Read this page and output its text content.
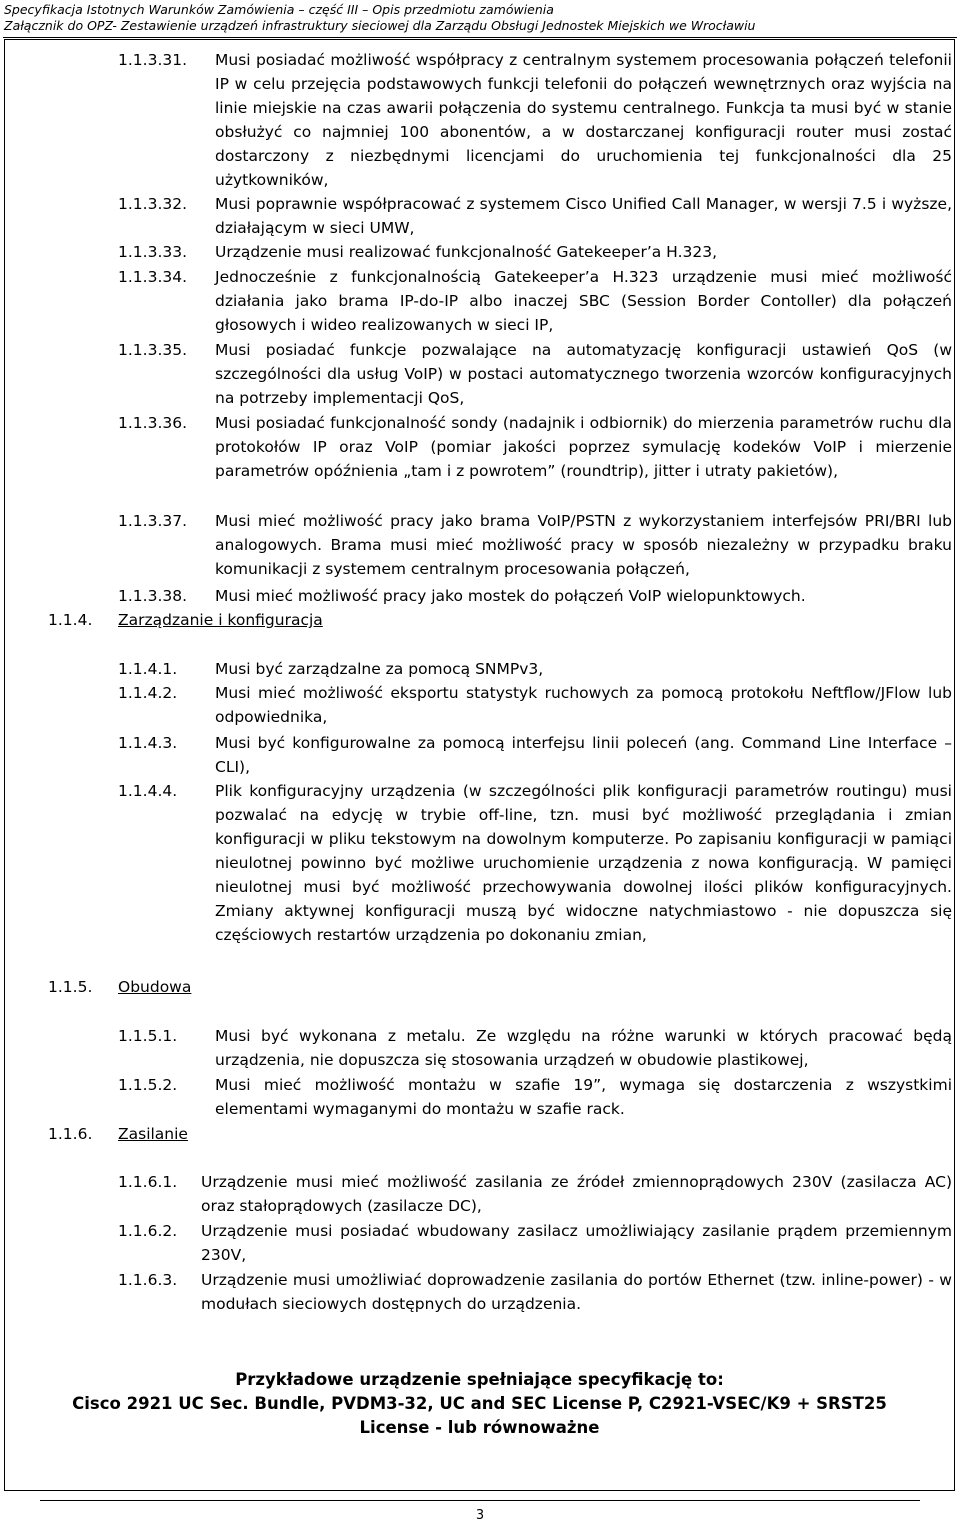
Specyfikacja Istotnych Warunków Zamówienia – część III – Opis przedmiotu zamówienia
Załącznik do OPZ- Zestawienie urządzeń infrastruktury sieciowej dla Zarządu Obsługi Jednostek Miejskich we Wrocławiu
1.1.3.31. Musi posiadać możliwość współpracy z centralnym systemem procesowania połączeń telefonii IP w celu przejęcia podstawowych funkcji telefonii do połączeń wewnętrznych oraz wyjścia na linie miejskie na czas awarii połączenia do systemu centralnego. Funkcja ta musi być w stanie obsłużyć co najmniej 100 abonentów, a w dostarczanej konfiguracji router musi zostać dostarczony z niezbędnymi licencjami do uruchomienia tej funkcjonalności dla 25 użytkowników,
1.1.3.32. Musi poprawnie współpracować z systemem Cisco Unified Call Manager, w wersji 7.5 i wyższe, działającym w sieci UMW,
1.1.3.33. Urządzenie musi realizować funkcjonalność Gatekeeper’a H.323,
1.1.3.34. Jednocześnie z funkcjonalnością Gatekeeper’a H.323 urządzenie musi mieć możliwość działania jako brama IP-do-IP albo inaczej SBC (Session Border Contoller) dla połączeń głosowych i wideo realizowanych w sieci IP,
1.1.3.35. Musi posiadać funkcje pozwalające na automatyzację konfiguracji ustawień QoS (w szczególności dla usług VoIP) w postaci automatycznego tworzenia wzorców konfiguracyjnych na potrzeby implementacji QoS,
1.1.3.36. Musi posiadać funkcjonalność sondy (nadajnik i odbiornik) do mierzenia parametrów ruchu dla protokołów IP oraz VoIP (pomiar jakości poprzez symulację kodeków VoIP i mierzenie parametrów opóźnienia „tam i z powrotem” (roundtrip), jitter i utraty pakietów),
1.1.3.37. Musi mieć możliwość pracy jako brama VoIP/PSTN z wykorzystaniem interfejsów PRI/BRI lub analogowych. Brama musi mieć możliwość pracy w sposób niezależny w przypadku braku komunikacji z systemem centralnym procesowania połączeń,
1.1.3.38. Musi mieć możliwość pracy jako mostek do połączeń VoIP wielopunktowych.
1.1.4. Zarządzanie i konfiguracja
1.1.4.1. Musi być zarządzalne za pomocą SNMPv3,
1.1.4.2. Musi mieć możliwość eksportu statystyk ruchowych za pomocą protokołu Neftflow/JFlow lub odpowiednika,
1.1.4.3. Musi być konfigurowalne za pomocą interfejsu linii poleceń (ang. Command Line Interface – CLI),
1.1.4.4. Plik konfiguracyjny urządzenia (w szczególności plik konfiguracji parametrów routingu) musi pozwalać na edycję w trybie off-line, tzn. musi być możliwość przeglądania i zmian konfiguracji w pliku tekstowym na dowolnym komputerze. Po zapisaniu konfiguracji w pamiąci nieulotnej powinno być możliwe uruchomienie urządzenia z nowa konfiguracją. W pamięci nieulotnej musi być możliwość przechowywania dowolnej ilości plików konfiguracyjnych. Zmiany aktywnej konfiguracji muszą być widoczne natychmiastowo - nie dopuszcza się częściowych restartów urządzenia po dokonaniu zmian,
1.1.5. Obudowa
1.1.5.1. Musi być wykonana z metalu. Ze względu na różne warunki w których pracować będą urządzenia, nie dopuszcza się stosowania urządzeń w obudowie plastikowej,
1.1.5.2. Musi mieć możliwość montażu w szafie 19”, wymaga się dostarczenia z wszystkimi elementami wymaganymi do montażu w szafie rack.
1.1.6. Zasilanie
1.1.6.1. Urządzenie musi mieć możliwość zasilania ze źródeł zmiennoprądowych 230V (zasilacza AC) oraz stałoprądowych (zasilacze DC),
1.1.6.2. Urządzenie musi posiadać wbudowany zasilacz umożliwiający zasilanie prądem przemiennym 230V,
1.1.6.3. Urządzenie musi umożliwiać doprowadzenie zasilania do portów Ethernet (tzw. inline-power) - w modułach sieciowych dostępnych do urządzenia.
Przykładowe urządzenie spełniające specyfikację to:
Cisco 2921 UC Sec. Bundle, PVDM3-32, UC and SEC License P, C2921-VSEC/K9 + SRST25
License - lub równoważne
3
